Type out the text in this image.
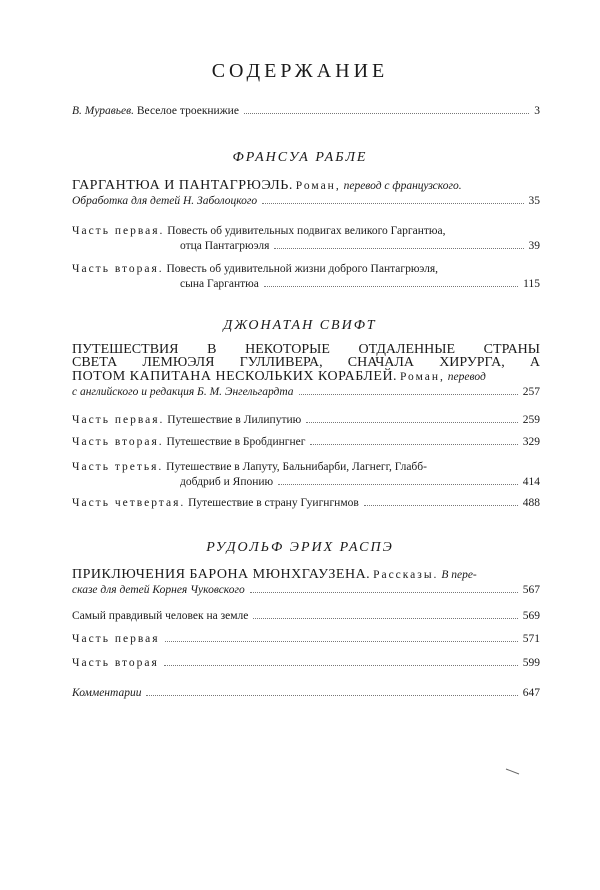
СОДЕРЖАНИЕ
В. Муравьев. Веселое троекнижие	3
ФРАНСУА РАБЛЕ
ГАРГАНТЮА И ПАНТАГРЮЭЛЬ. Роман, перевод с французского.
Обработка для детей Н. Заболоцкого	35
Часть первая. Повесть об удивительных подвигах великого Гаргантюа,
отца Пантагрюэля	39
Часть вторая. Повесть об удивительной жизни доброго Пантагрюэля,
сына Гаргантюа	115
ДЖОНАТАН СВИФТ
ПУТЕШЕСТВИЯ В НЕКОТОРЫЕ ОТДАЛЕННЫЕ СТРАНЫ
СВЕТА ЛЕМЮЭЛЯ ГУЛЛИВЕРА, СНАЧАЛА ХИРУРГА, А
ПОТОМ КАПИТАНА НЕСКОЛЬКИХ КОРАБЛЕЙ. Роман, перевод
с английского и редакция Б. М. Энгельгардта	257
Часть первая. Путешествие в Лилипутию	259
Часть вторая. Путешествие в Бробдингнег	329
Часть третья. Путешествие в Лапуту, Бальнибарби, Лагнегг, Глабб-
добдриб и Японию	414
Часть четвертая. Путешествие в страну Гуигнгнмов	488
РУДОЛЬФ ЭРИХ РАСПЭ
ПРИКЛЮЧЕНИЯ БАРОНА МЮНХГАУЗЕНА. Рассказы. В пере-
сказе для детей Корнея Чуковского	567
Самый правдивый человек на земле	569
Часть первая	571
Часть вторая	599
Комментарии	647
